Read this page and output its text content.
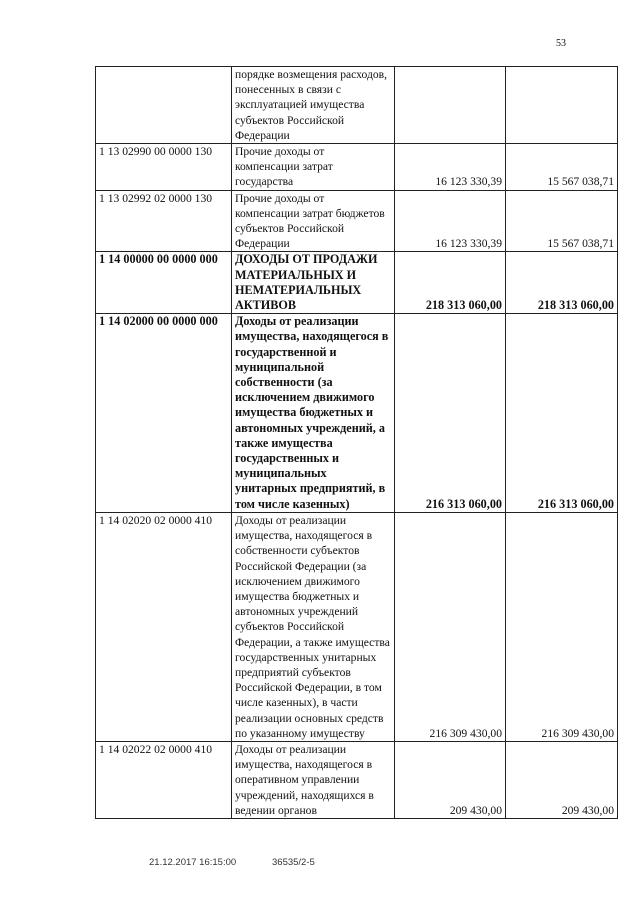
53
	порядке возмещения расходов, понесенных в связи с эксплуатацией имущества субъектов Российской Федерации		
1 13 02990 00 0000 130	Прочие доходы от компенсации затрат государства	16 123 330,39	15 567 038,71
1 13 02992 02 0000 130	Прочие доходы от компенсации затрат бюджетов субъектов Российской Федерации	16 123 330,39	15 567 038,71
1 14 00000 00 0000 000	ДОХОДЫ ОТ ПРОДАЖИ МАТЕРИАЛЬНЫХ И НЕМАТЕРИАЛЬНЫХ АКТИВОВ	218 313 060,00	218 313 060,00
1 14 02000 00 0000 000	Доходы от реализации имущества, находящегося в государственной и муниципальной собственности (за исключением движимого имущества бюджетных и автономных учреждений, а также имущества государственных и муниципальных унитарных предприятий, в том числе казенных)	216 313 060,00	216 313 060,00
1 14 02020 02 0000 410	Доходы от реализации имущества, находящегося в собственности субъектов Российской Федерации (за исключением движимого имущества бюджетных и автономных учреждений субъектов Российской Федерации, а также имущества государственных унитарных предприятий субъектов Российской Федерации, в том числе казенных), в части реализации основных средств по указанному имуществу	216 309 430,00	216 309 430,00
1 14 02022 02 0000 410	Доходы от реализации имущества, находящегося в оперативном управлении учреждений, находящихся в ведении органов	209 430,00	209 430,00
21.12.2017 16:15:00	36535/2-5
